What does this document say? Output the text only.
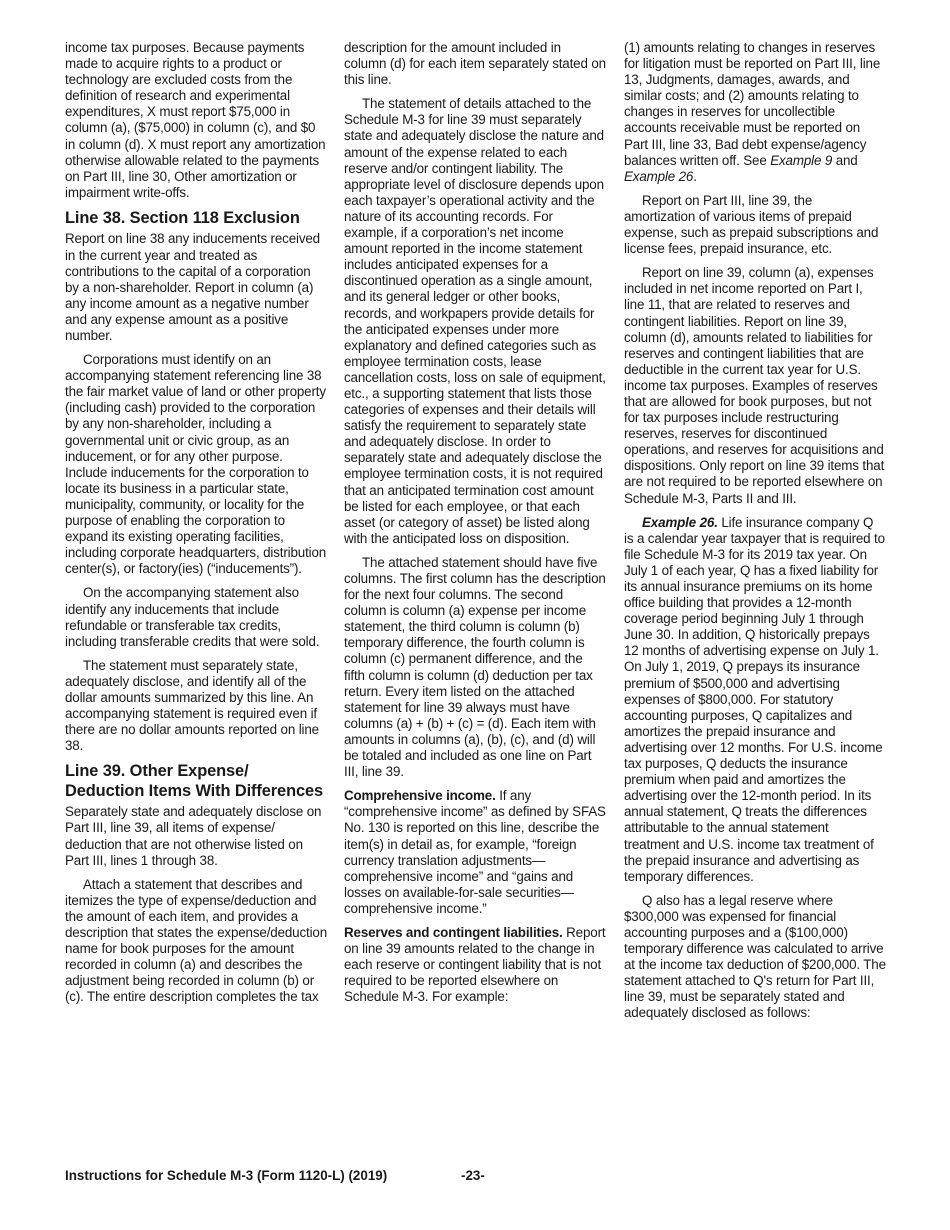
income tax purposes. Because payments made to acquire rights to a product or technology are excluded costs from the definition of research and experimental expenditures, X must report $75,000 in column (a), ($75,000) in column (c), and $0 in column (d). X must report any amortization otherwise allowable related to the payments on Part III, line 30, Other amortization or impairment write-offs.

Line 38. Section 118 Exclusion

Report on line 38 any inducements received in the current year and treated as contributions to the capital of a corporation by a non-shareholder. Report in column (a) any income amount as a negative number and any expense amount as a positive number.

Corporations must identify on an accompanying statement referencing line 38 the fair market value of land or other property (including cash) provided to the corporation by any non-shareholder, including a governmental unit or civic group, as an inducement, or for any other purpose. Include inducements for the corporation to locate its business in a particular state, municipality, community, or locality for the purpose of enabling the corporation to expand its existing operating facilities, including corporate headquarters, distribution center(s), or factory(ies) (“inducements”).

On the accompanying statement also identify any inducements that include refundable or transferable tax credits, including transferable credits that were sold.

The statement must separately state, adequately disclose, and identify all of the dollar amounts summarized by this line. An accompanying statement is required even if there are no dollar amounts reported on line 38.

Line 39. Other Expense/ Deduction Items With Differences

Separately state and adequately disclose on Part III, line 39, all items of expense/ deduction that are not otherwise listed on Part III, lines 1 through 38.

Attach a statement that describes and itemizes the type of expense/deduction and the amount of each item, and provides a description that states the expense/deduction name for book purposes for the amount recorded in column (a) and describes the adjustment being recorded in column (b) or (c). The entire description completes the tax

description for the amount included in column (d) for each item separately stated on this line.

The statement of details attached to the Schedule M-3 for line 39 must separately state and adequately disclose the nature and amount of the expense related to each reserve and/or contingent liability. The appropriate level of disclosure depends upon each taxpayer’s operational activity and the nature of its accounting records. For example, if a corporation’s net income amount reported in the income statement includes anticipated expenses for a discontinued operation as a single amount, and its general ledger or other books, records, and workpapers provide details for the anticipated expenses under more explanatory and defined categories such as employee termination costs, lease cancellation costs, loss on sale of equipment, etc., a supporting statement that lists those categories of expenses and their details will satisfy the requirement to separately state and adequately disclose. In order to separately state and adequately disclose the employee termination costs, it is not required that an anticipated termination cost amount be listed for each employee, or that each asset (or category of asset) be listed along with the anticipated loss on disposition.

The attached statement should have five columns. The first column has the description for the next four columns. The second column is column (a) expense per income statement, the third column is column (b) temporary difference, the fourth column is column (c) permanent difference, and the fifth column is column (d) deduction per tax return. Every item listed on the attached statement for line 39 always must have columns (a) + (b) + (c) = (d). Each item with amounts in columns (a), (b), (c), and (d) will be totaled and included as one line on Part III, line 39.

Comprehensive income. If any “comprehensive income” as defined by SFAS No. 130 is reported on this line, describe the item(s) in detail as, for example, “foreign currency translation adjustments—comprehensive income” and “gains and losses on available-for-sale securities—comprehensive income.”

Reserves and contingent liabilities. Report on line 39 amounts related to the change in each reserve or contingent liability that is not required to be reported elsewhere on Schedule M-3. For example:

(1) amounts relating to changes in reserves for litigation must be reported on Part III, line 13, Judgments, damages, awards, and similar costs; and (2) amounts relating to changes in reserves for uncollectible accounts receivable must be reported on Part III, line 33, Bad debt expense/agency balances written off. See Example 9 and Example 26.

Report on Part III, line 39, the amortization of various items of prepaid expense, such as prepaid subscriptions and license fees, prepaid insurance, etc.

Report on line 39, column (a), expenses included in net income reported on Part I, line 11, that are related to reserves and contingent liabilities. Report on line 39, column (d), amounts related to liabilities for reserves and contingent liabilities that are deductible in the current tax year for U.S. income tax purposes. Examples of reserves that are allowed for book purposes, but not for tax purposes include restructuring reserves, reserves for discontinued operations, and reserves for acquisitions and dispositions. Only report on line 39 items that are not required to be reported elsewhere on Schedule M-3, Parts II and III.

Example 26. Life insurance company Q is a calendar year taxpayer that is required to file Schedule M-3 for its 2019 tax year. On July 1 of each year, Q has a fixed liability for its annual insurance premiums on its home office building that provides a 12-month coverage period beginning July 1 through June 30. In addition, Q historically prepays 12 months of advertising expense on July 1. On July 1, 2019, Q prepays its insurance premium of $500,000 and advertising expenses of $800,000. For statutory accounting purposes, Q capitalizes and amortizes the prepaid insurance and advertising over 12 months. For U.S. income tax purposes, Q deducts the insurance premium when paid and amortizes the advertising over the 12-month period. In its annual statement, Q treats the differences attributable to the annual statement treatment and U.S. income tax treatment of the prepaid insurance and advertising as temporary differences.

Q also has a legal reserve where $300,000 was expensed for financial accounting purposes and a ($100,000) temporary difference was calculated to arrive at the income tax deduction of $200,000. The statement attached to Q's return for Part III, line 39, must be separately stated and adequately disclosed as follows:

Instructions for Schedule M-3 (Form 1120-L) (2019)	-23-
